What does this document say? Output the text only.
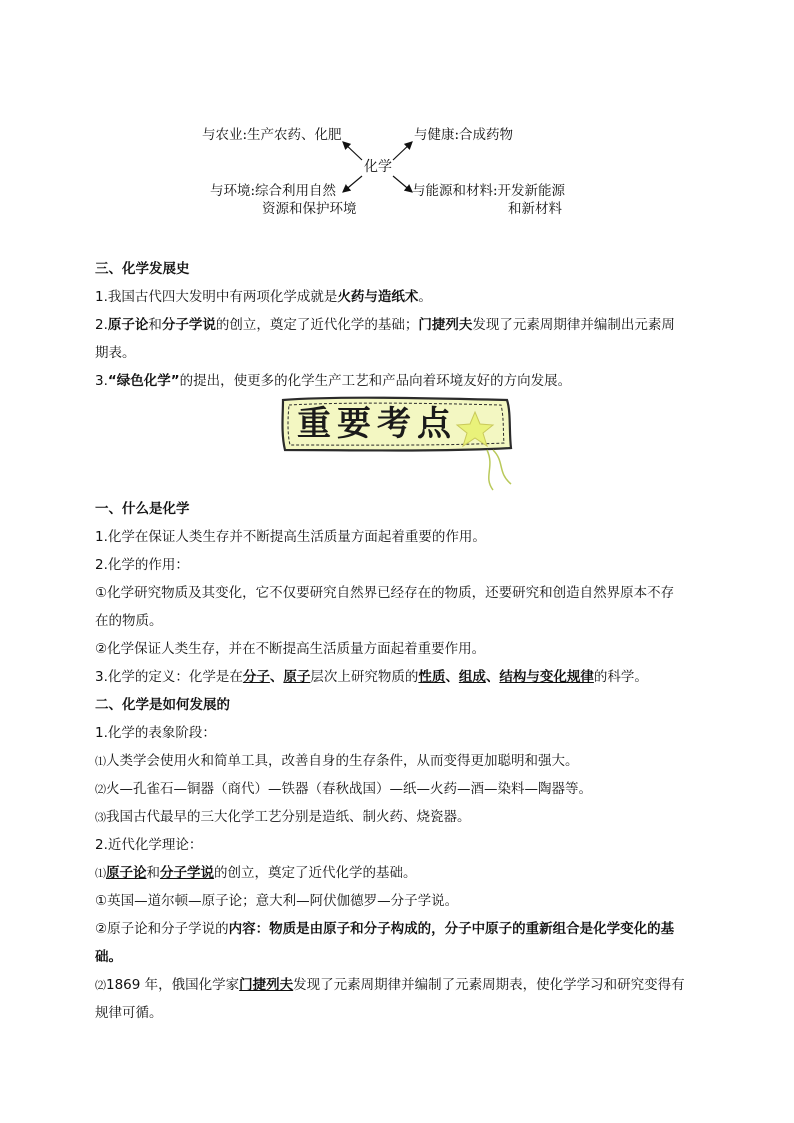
与农业:生产农药、化肥	与健康:合成药物
化学
与环境:综合利用自然
资源和保护环境
与能源和材料:开发新能源
和新材料
三、化学发展史
1.我国古代四大发明中有两项化学成就是火药与造纸术。
2.原子论和分子学说的创立，奠定了近代化学的基础；门捷列夫发现了元素周期律并编制出元素周
期表。
3.“绿色化学”的提出，使更多的化学生产工艺和产品向着环境友好的方向发展。
重要考点
一、什么是化学
1.化学在保证人类生存并不断提高生活质量方面起着重要的作用。
2.化学的作用：
①化学研究物质及其变化，它不仅要研究自然界已经存在的物质，还要研究和创造自然界原本不存
在的物质。
②化学保证人类生存，并在不断提高生活质量方面起着重要作用。
3.化学的定义：化学是在分子、原子层次上研究物质的性质、组成、结构与变化规律的科学。
二、化学是如何发展的
1.化学的表象阶段：
⑴人类学会使用火和简单工具，改善自身的生存条件，从而变得更加聪明和强大。
⑵火—孔雀石—铜器（商代）—铁器（春秋战国）—纸—火药—酒—染料—陶器等。
⑶我国古代最早的三大化学工艺分别是造纸、制火药、烧瓷器。
2.近代化学理论：
⑴原子论和分子学说的创立，奠定了近代化学的基础。
①英国—道尔顿—原子论；意大利—阿伏伽德罗—分子学说。
②原子论和分子学说的内容：物质是由原子和分子构成的，分子中原子的重新组合是化学变化的基
础。
⑵1869 年，俄国化学家门捷列夫发现了元素周期律并编制了元素周期表，使化学学习和研究变得有
规律可循。
